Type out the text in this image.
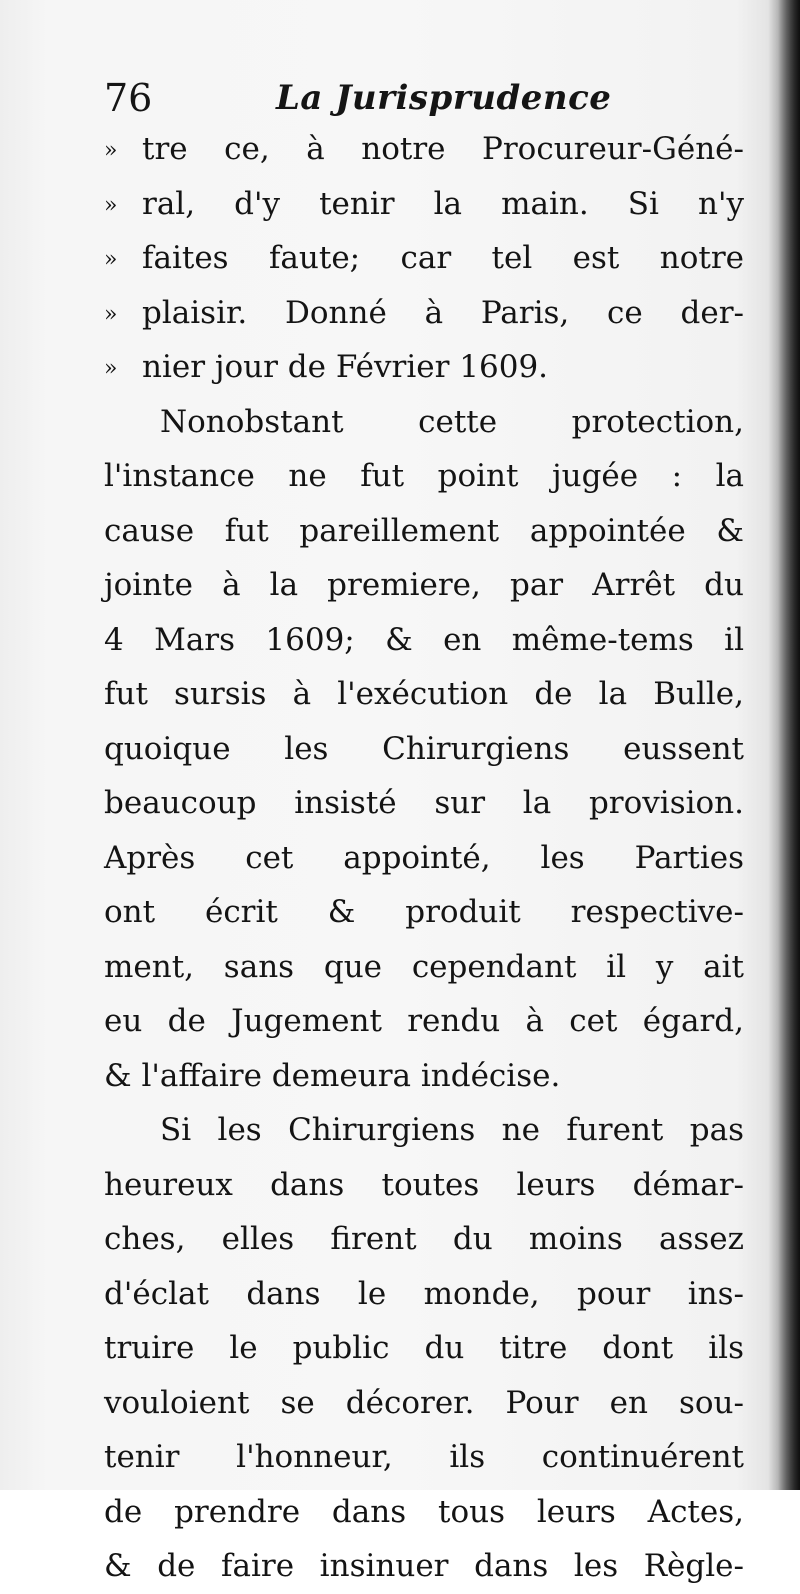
76	La Jurisprudence
» tre ce, à notre Procureur-Géné-
» ral, d'y tenir la main. Si n'y
» faites faute; car tel est notre
» plaisir. Donné à Paris, ce der-
» nier jour de Février 1609.
Nonobstant cette protection,
l'instance ne fut point jugée : la
cause fut pareillement appointée &
jointe à la premiere, par Arrêt du
4 Mars 1609; & en même-tems il
fut sursis à l'exécution de la Bulle,
quoique les Chirurgiens eussent
beaucoup insisté sur la provision.
Après cet appointé, les Parties
ont écrit & produit respective-
ment, sans que cependant il y ait
eu de Jugement rendu à cet égard,
& l'affaire demeura indécise.
Si les Chirurgiens ne furent pas
heureux dans toutes leurs démar-
ches, elles firent du moins assez
d'éclat dans le monde, pour ins-
truire le public du titre dont ils
vouloient se décorer. Pour en sou-
tenir l'honneur, ils continuérent
de prendre dans tous leurs Actes,
& de faire insinuer dans les Règle-
